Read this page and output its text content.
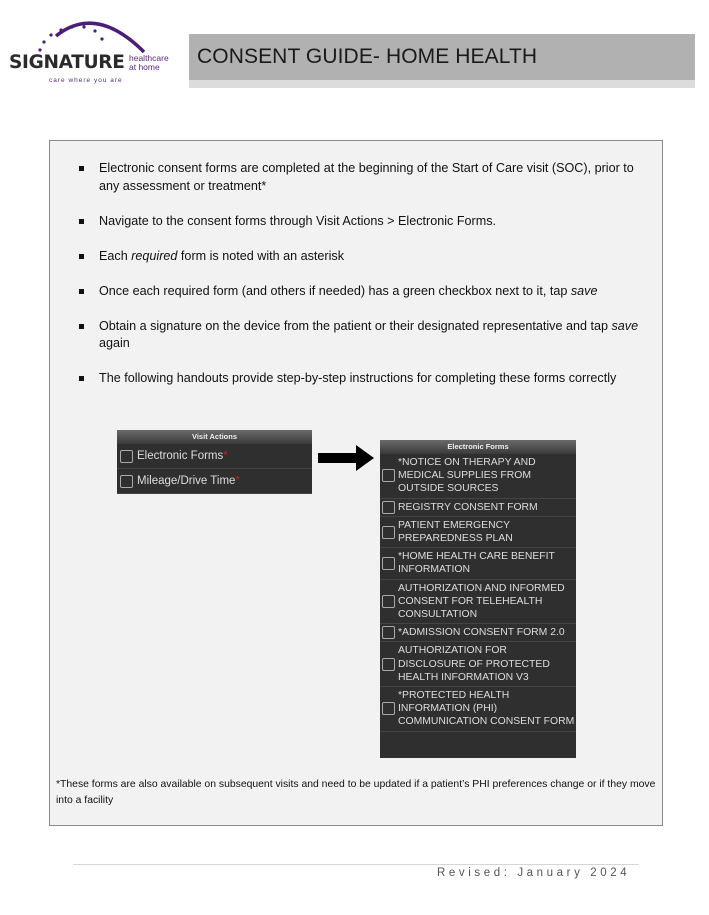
SIGNATURE healthcare
at home
care where you are
CONSENT GUIDE- HOME HEALTH
Electronic consent forms are completed at the beginning of the Start of Care visit (SOC), prior to any assessment or treatment*
Navigate to the consent forms through Visit Actions > Electronic Forms.
Each required form is noted with an asterisk
Once each required form (and others if needed) has a green checkbox next to it, tap save
Obtain a signature on the device from the patient or their designated representative and tap save again
The following handouts provide step-by-step instructions for completing these forms correctly
Visit Actions
Electronic Forms *
Mileage/Drive Time *
Electronic Forms
*NOTICE ON THERAPY AND MEDICAL SUPPLIES FROM OUTSIDE SOURCES
REGISTRY CONSENT FORM
PATIENT EMERGENCY PREPAREDNESS PLAN
*HOME HEALTH CARE BENEFIT INFORMATION
AUTHORIZATION AND INFORMED CONSENT FOR TELEHEALTH CONSULTATION
*ADMISSION CONSENT FORM 2.0
AUTHORIZATION FOR DISCLOSURE OF PROTECTED HEALTH INFORMATION V3
*PROTECTED HEALTH INFORMATION (PHI) COMMUNICATION CONSENT FORM
*These forms are also available on subsequent visits and need to be updated if a patient’s PHI preferences change or if they move into a facility
Revised: January 2024
